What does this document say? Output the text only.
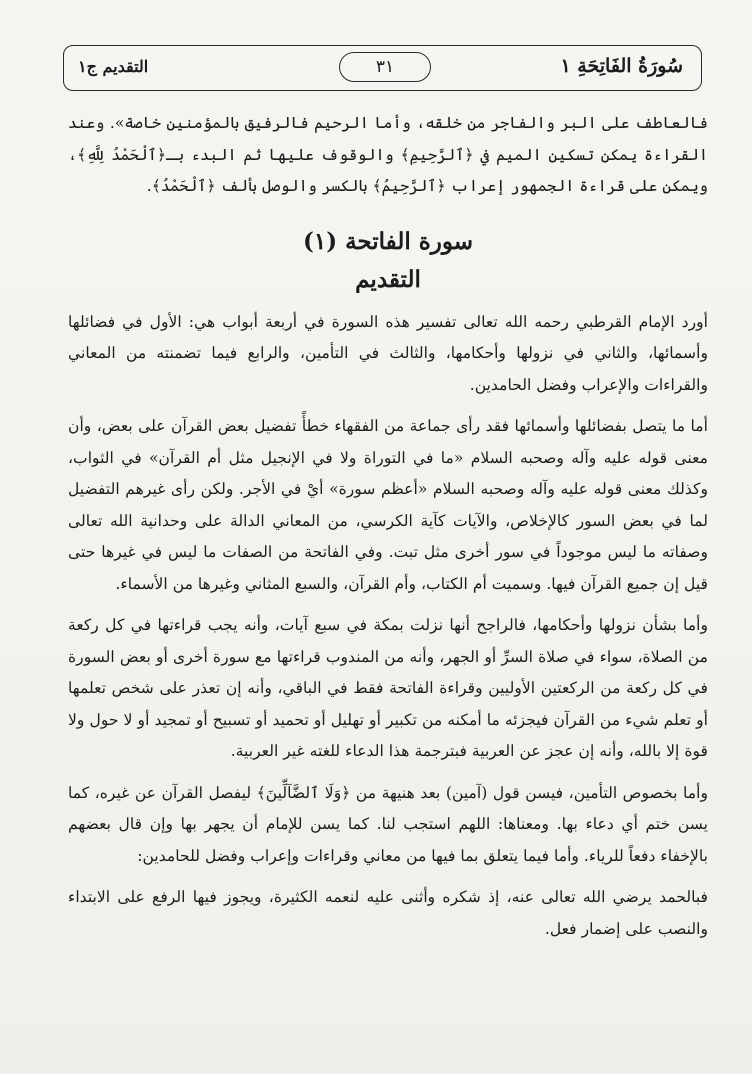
سُورَةُ الفَاتِحَةِ ١
٣١
التقديم ج١

فالعاطف على البر والفاجر من خلقه، وأما الرحيم فالرفيق بالمؤمنين خاصة». وعند القراءة يمكن تسكين الميم في ﴿ٱلرَّحِيمِ﴾ والوقوف عليها ثم البدء بـ﴿ٱلْحَمْدُ لِلَّهِ﴾، ويمكن على قراءة الجمهور إعراب ﴿ٱلرَّحِيمُ﴾ بالكسر والوصل بألف ﴿ٱلْحَمْدُ﴾.

سورة الفاتحة (١)
التقديم

أورد الإمام القرطبي رحمه الله تعالى تفسير هذه السورة في أربعة أبواب هي: الأول في فضائلها وأسمائها، والثاني في نزولها وأحكامها، والثالث في التأمين، والرابع فيما تضمنته من المعاني والقراءات والإعراب وفضل الحامدين.

أما ما يتصل بفضائلها وأسمائها فقد رأى جماعة من الفقهاء خطأً تفضيل بعض القرآن على بعض، وأن معنى قوله عليه وآله وصحبه السلام «ما في التوراة ولا في الإنجيل مثل أم القرآن» في الثواب، وكذلك معنى قوله عليه وآله وصحبه السلام «أعظم سورة» أيْ في الأجر. ولكن رأى غيرهم التفضيل لما في بعض السور كالإخلاص، والآيات كآية الكرسي، من المعاني الدالة على وحدانية الله تعالى وصفاته ما ليس موجوداً في سور أخرى مثل تبت. وفي الفاتحة من الصفات ما ليس في غيرها حتى قيل إن جميع القرآن فيها. وسميت أم الكتاب، وأم القرآن، والسبع المثاني وغيرها من الأسماء.

وأما بشأن نزولها وأحكامها، فالراجح أنها نزلت بمكة في سبع آيات، وأنه يجب قراءتها في كل ركعة من الصلاة، سواء في صلاة السرِّ أو الجهر، وأنه من المندوب قراءتها مع سورة أخرى أو بعض السورة في كل ركعة من الركعتين الأوليين وقراءة الفاتحة فقط في الباقي، وأنه إن تعذر على شخص تعلمها أو تعلم شيء من القرآن فيجزئه ما أمكنه من تكبير أو تهليل أو تحميد أو تسبيح أو تمجيد أو لا حول ولا قوة إلا بالله، وأنه إن عجز عن العربية فبترجمة هذا الدعاء للغته غير العربية.

وأما بخصوص التأمين، فيسن قول (آمين) بعد هنيهة من ﴿وَلَا ٱلضَّآلِّينَ﴾ ليفصل القرآن عن غيره، كما يسن ختم أي دعاء بها. ومعناها: اللهم استجب لنا. كما يسن للإمام أن يجهر بها وإن قال بعضهم بالإخفاء دفعاً للرياء. وأما فيما يتعلق بما فيها من معاني وقراءات وإعراب وفضل للحامدين:

فبالحمد يرضي الله تعالى عنه، إذ شكره وأثنى عليه لنعمه الكثيرة، ويجوز فيها الرفع على الابتداء والنصب على إضمار فعل.
